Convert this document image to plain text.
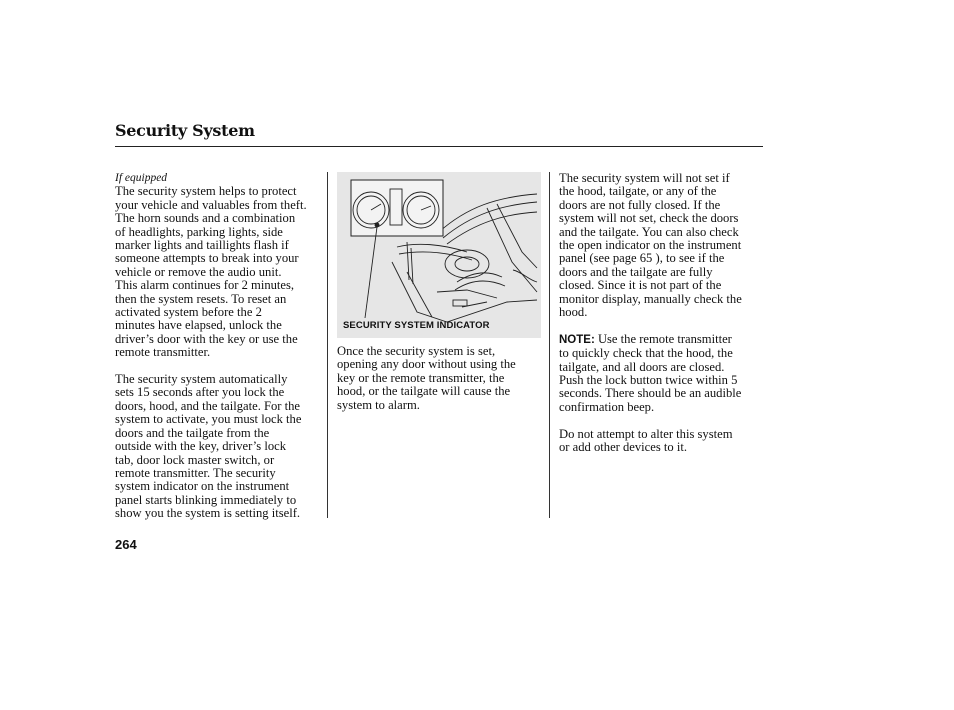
Security System

If equipped

The security system helps to protect
your vehicle and valuables from theft.
The horn sounds and a combination
of headlights, parking lights, side
marker lights and taillights flash if
someone attempts to break into your
vehicle or remove the audio unit.
This alarm continues for 2 minutes,
then the system resets. To reset an
activated system before the 2
minutes have elapsed, unlock the
driver’s door with the key or use the
remote transmitter.
The security system automatically
sets 15 seconds after you lock the
doors, hood, and the tailgate. For the
system to activate, you must lock the
doors and the tailgate from the
outside with the key, driver’s lock
tab, door lock master switch, or
remote transmitter. The security
system indicator on the instrument
panel starts blinking immediately to
show you the system is setting itself.
SECURITY SYSTEM INDICATOR
Once the security system is set,
opening any door without using the
key or the remote transmitter, the
hood, or the tailgate will cause the
system to alarm.
The security system will not set if
the hood, tailgate, or any of the
doors are not fully closed. If the
system will not set, check the doors
and the tailgate. You can also check
the open indicator on the instrument
panel (see page 65 ), to see if the
doors and the tailgate are fully
closed. Since it is not part of the
monitor display, manually check the
hood.

NOTE: Use the remote transmitter

to quickly check that the hood, the
tailgate, and all doors are closed.
Push the lock button twice within 5
seconds. There should be an audible
confirmation beep.
Do not attempt to alter this system
or add other devices to it.
264
